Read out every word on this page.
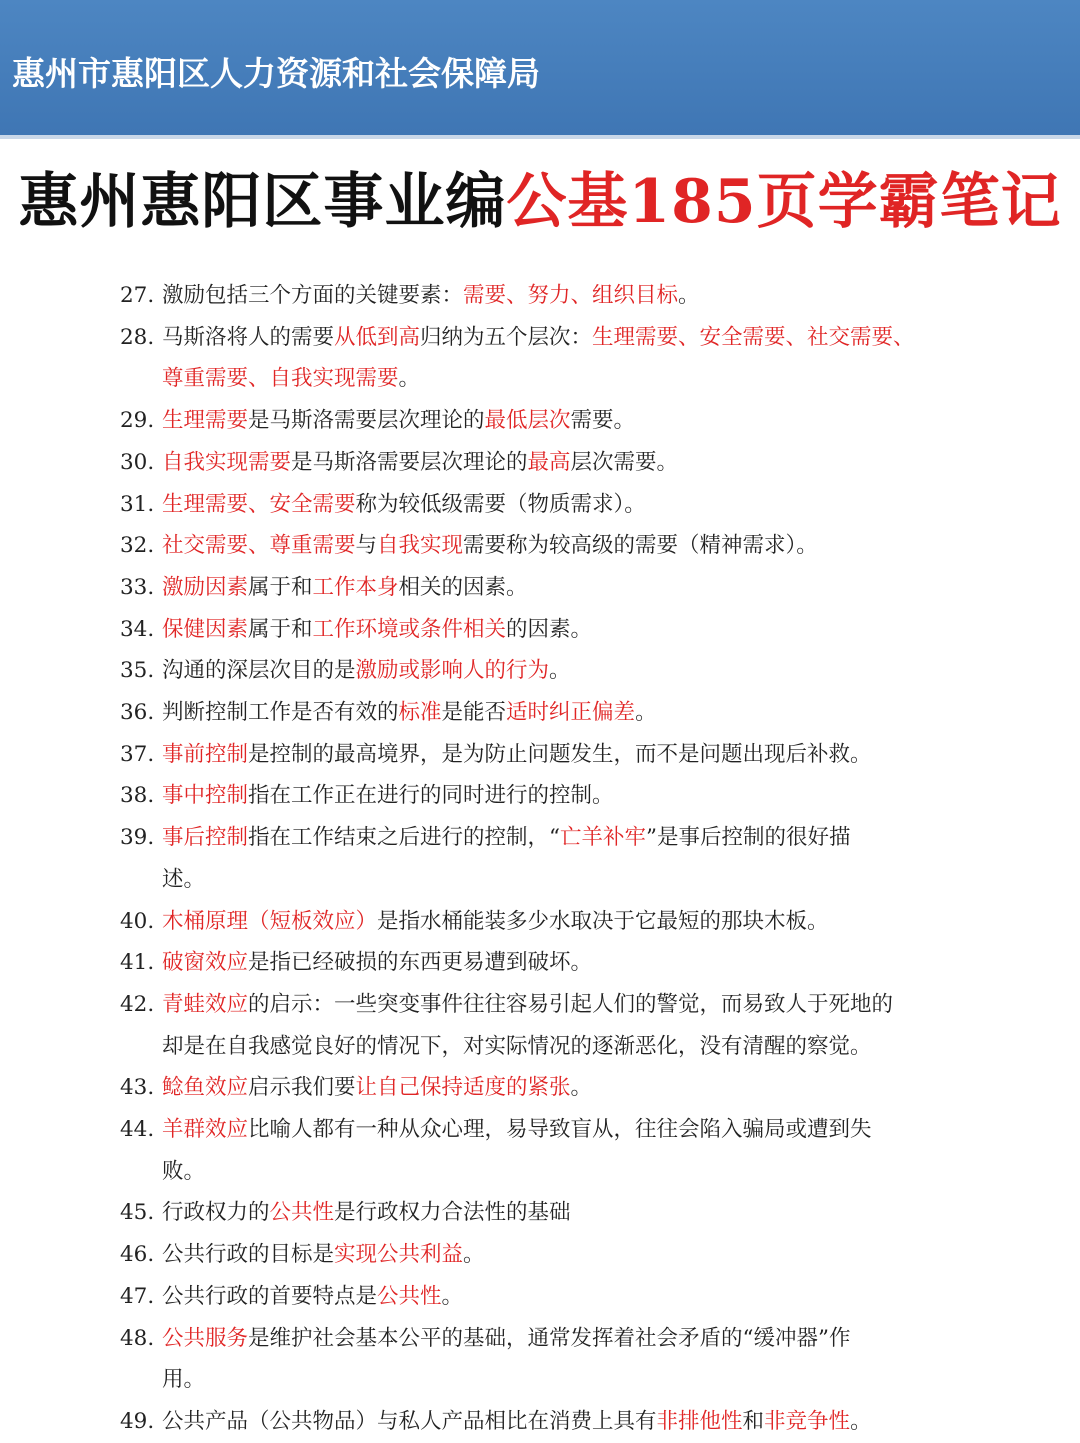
惠州市惠阳区人力资源和社会保障局
惠州惠阳区事业编公基185页学霸笔记
27. 激励包括三个方面的关键要素：需要、努力、组织目标。
28. 马斯洛将人的需要从低到高归纳为五个层次：生理需要、安全需要、社交需要、
尊重需要、自我实现需要。
29. 生理需要是马斯洛需要层次理论的最低层次需要。
30. 自我实现需要是马斯洛需要层次理论的最高层次需要。
31. 生理需要、安全需要称为较低级需要（物质需求）。
32. 社交需要、尊重需要与自我实现需要称为较高级的需要（精神需求）。
33. 激励因素属于和工作本身相关的因素。
34. 保健因素属于和工作环境或条件相关的因素。
35. 沟通的深层次目的是激励或影响人的行为。
36. 判断控制工作是否有效的标准是能否适时纠正偏差。
37. 事前控制是控制的最高境界，是为防止问题发生，而不是问题出现后补救。
38. 事中控制指在工作正在进行的同时进行的控制。
39. 事后控制指在工作结束之后进行的控制，“亡羊补牢”是事后控制的很好描
述。
40. 木桶原理（短板效应）是指水桶能装多少水取决于它最短的那块木板。
41. 破窗效应是指已经破损的东西更易遭到破坏。
42. 青蛙效应的启示：一些突变事件往往容易引起人们的警觉，而易致人于死地的
却是在自我感觉良好的情况下，对实际情况的逐渐恶化，没有清醒的察觉。
43. 鲶鱼效应启示我们要让自己保持适度的紧张。
44. 羊群效应比喻人都有一种从众心理，易导致盲从，往往会陷入骗局或遭到失
败。
45. 行政权力的公共性是行政权力合法性的基础
46. 公共行政的目标是实现公共利益。
47. 公共行政的首要特点是公共性。
48. 公共服务是维护社会基本公平的基础，通常发挥着社会矛盾的“缓冲器”作
用。
49. 公共产品（公共物品）与私人产品相比在消费上具有非排他性和非竞争性。
